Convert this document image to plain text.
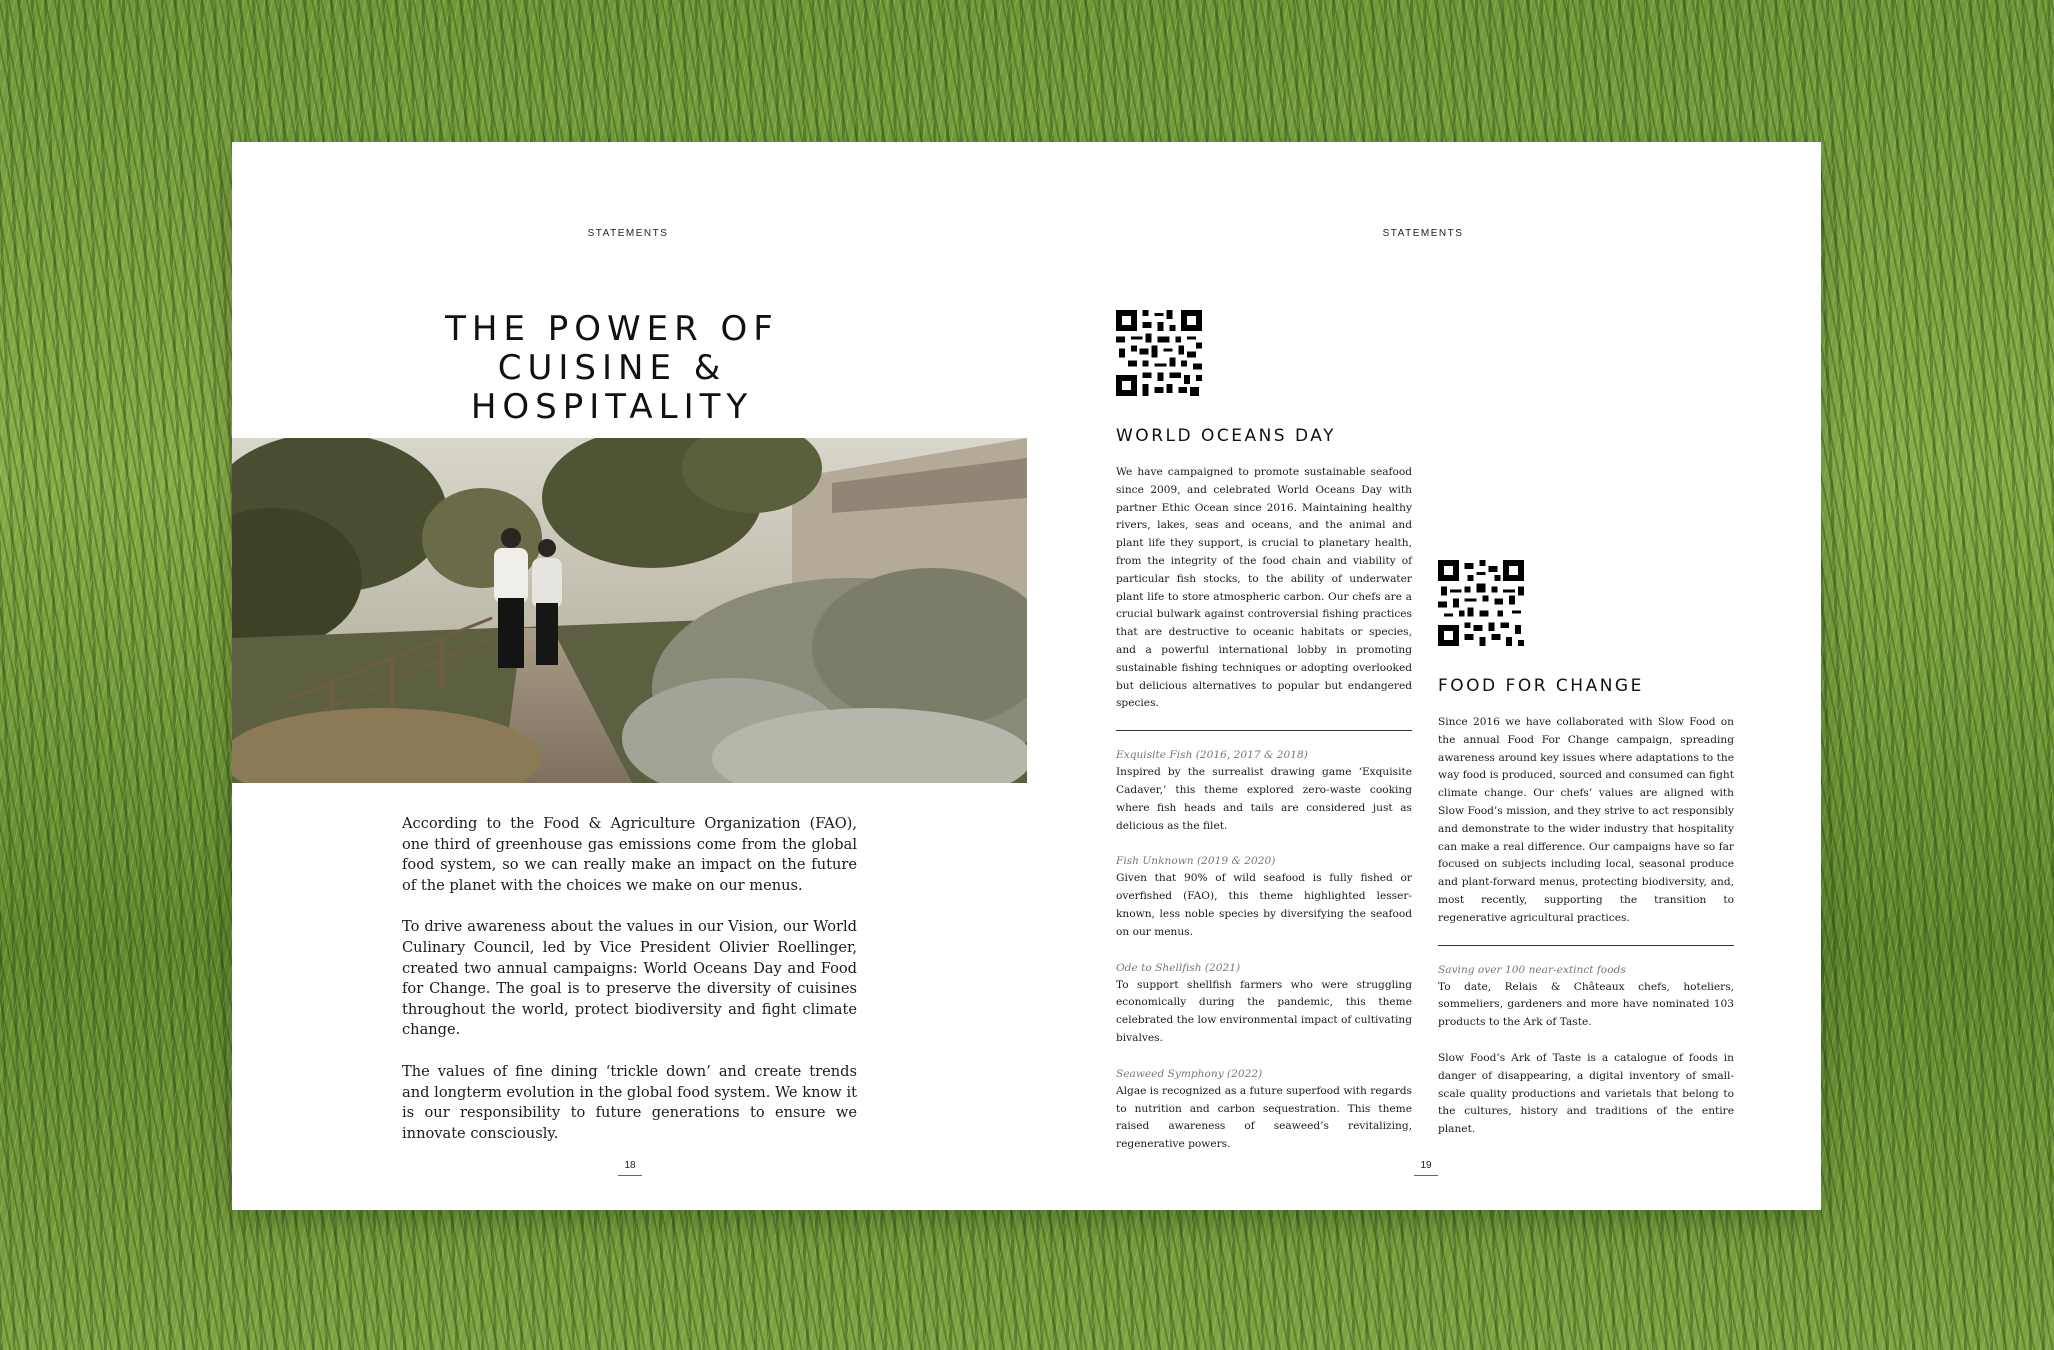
STATEMENTS
THE POWER OF
CUISINE & HOSPITALITY

According to the Food & Agriculture Organization (FAO), one third of greenhouse gas emissions come from the global food system, so we can really make an impact on the future of the planet with the choices we make on our menus.

To drive awareness about the values in our Vision, our World Culinary Council, led by Vice President Olivier Roellinger, created two annual campaigns: World Oceans Day and Food for Change. The goal is to preserve the diversity of cuisines throughout the world, protect biodiversity and fight climate change.

The values of fine dining ‘trickle down’ and create trends and longterm evolution in the global food system. We know it is our responsibility to future generations to ensure we innovate consciously.

18
STATEMENTS
WORLD OCEANS DAY

We have campaigned to promote sustainable seafood since 2009, and celebrated World Oceans Day with partner Ethic Ocean since 2016. Maintaining healthy rivers, lakes, seas and oceans, and the animal and plant life they support, is crucial to planetary health, from the integrity of the food chain and viability of particular fish stocks, to the ability of underwater plant life to store atmospheric carbon. Our chefs are a crucial bulwark against controversial fishing practices that are destructive to oceanic habitats or species, and a powerful international lobby in promoting sustainable fishing techniques or adopting overlooked but delicious alternatives to popular but endangered species.

Exquisite Fish (2016, 2017 & 2018)

Inspired by the surrealist drawing game ‘Exquisite Cadaver,’ this theme explored zero-waste cooking where fish heads and tails are considered just as delicious as the filet.

Fish Unknown (2019 & 2020)

Given that 90% of wild seafood is fully fished or overfished (FAO), this theme highlighted lesser-known, less noble species by diversifying the seafood on our menus.

Ode to Shellfish (2021)

To support shellfish farmers who were struggling economically during the pandemic, this theme celebrated the low environmental impact of cultivating bivalves.

Seaweed Symphony (2022)

Algae is recognized as a future superfood with regards to nutrition and carbon sequestration. This theme raised awareness of seaweed’s revitalizing, regenerative powers.

FOOD FOR CHANGE

Since 2016 we have collaborated with Slow Food on the annual Food For Change campaign, spreading awareness around key issues where adaptations to the way food is produced, sourced and consumed can fight climate change. Our chefs’ values are aligned with Slow Food’s mission, and they strive to act responsibly and demonstrate to the wider industry that hospitality can make a real difference. Our campaigns have so far focused on subjects including local, seasonal produce and plant-forward menus, protecting biodiversity, and, most recently, supporting the transition to regenerative agricultural practices.

Saving over 100 near-extinct foods

To date, Relais & Châteaux chefs, hoteliers, sommeliers, gardeners and more have nominated 103 products to the Ark of Taste.

Slow Food’s Ark of Taste is a catalogue of foods in danger of disappearing, a digital inventory of small-scale quality productions and varietals that belong to the cultures, history and traditions of the entire planet.

19
